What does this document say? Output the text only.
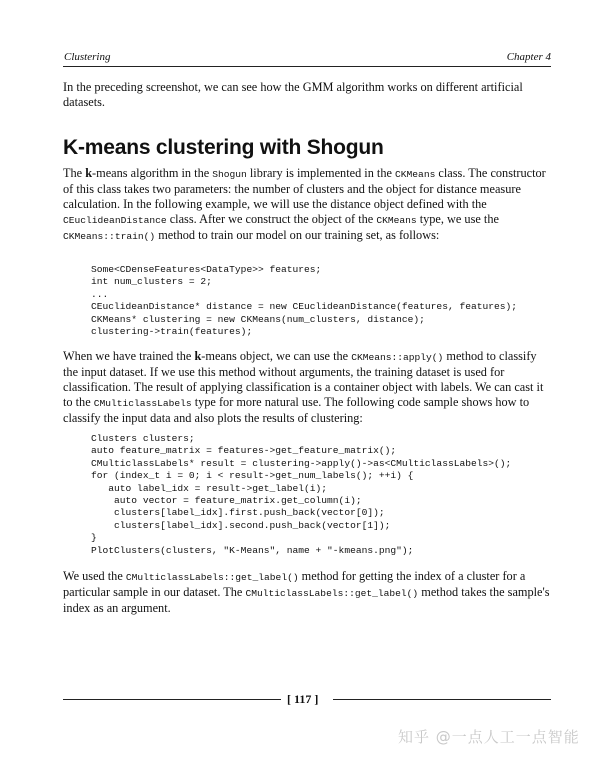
Clustering	Chapter 4

In the preceding screenshot, we can see how the GMM algorithm works on different artificial datasets.

K-means clustering with Shogun

The k-means algorithm in the Shogun library is implemented in the CKMeans class. The constructor of this class takes two parameters: the number of clusters and the object for distance measure calculation. In the following example, we will use the distance object defined with the CEuclideanDistance class. After we construct the object of the CKMeans type, we use the CKMeans::train() method to train our model on our training set, as follows:

Some<CDenseFeatures<DataType>> features;
int num_clusters = 2;
...
CEuclideanDistance* distance = new CEuclideanDistance(features, features);
CKMeans* clustering = new CKMeans(num_clusters, distance);
clustering->train(features);

When we have trained the k-means object, we can use the CKMeans::apply() method to classify the input dataset. If we use this method without arguments, the training dataset is used for classification. The result of applying classification is a container object with labels. We can cast it to the CMulticlassLabels type for more natural use. The following code sample shows how to classify the input data and also plots the results of clustering:

Clusters clusters;
auto feature_matrix = features->get_feature_matrix();
CMulticlassLabels* result = clustering->apply()->as<CMulticlassLabels>();
for (index_t i = 0; i < result->get_num_labels(); ++i) {
auto label_idx = result->get_label(i);
auto vector = feature_matrix.get_column(i);
clusters[label_idx].first.push_back(vector[0]);
clusters[label_idx].second.push_back(vector[1]);
}
PlotClusters(clusters, "K-Means", name + "-kmeans.png");

We used the CMulticlassLabels::get_label() method for getting the index of a cluster for a particular sample in our dataset. The CMulticlassLabels::get_label() method takes the sample's index as an argument.

[ 117 ]
知乎 @一点人工一点智能
